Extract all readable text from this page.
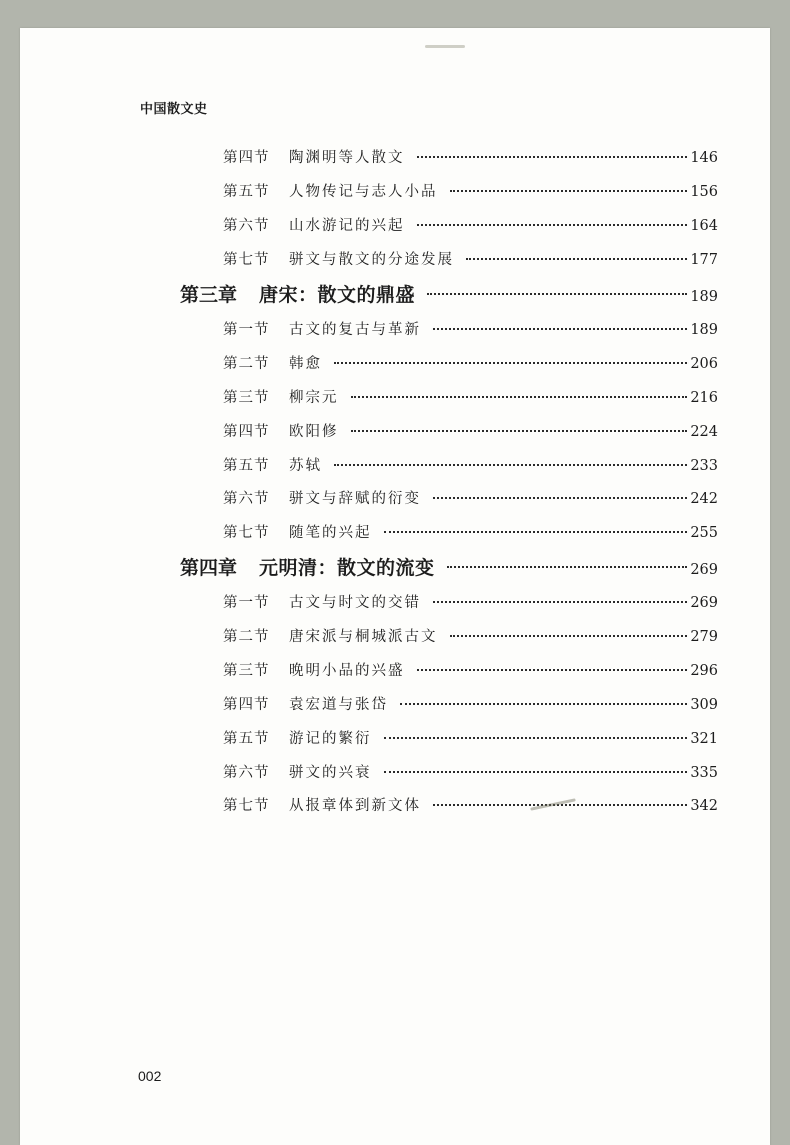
中国散文史
第四节	陶渊明等人散文	146
第五节	人物传记与志人小品	156
第六节	山水游记的兴起	164
第七节	骈文与散文的分途发展	177
第三章 唐宋：散文的鼎盛	189
第一节	古文的复古与革新	189
第二节	韩愈	206
第三节	柳宗元	216
第四节	欧阳修	224
第五节	苏轼	233
第六节	骈文与辞赋的衍变	242
第七节	随笔的兴起	255
第四章 元明清：散文的流变	269
第一节	古文与时文的交错	269
第二节	唐宋派与桐城派古文	279
第三节	晚明小品的兴盛	296
第四节	袁宏道与张岱	309
第五节	游记的繁衍	321
第六节	骈文的兴衰	335
第七节	从报章体到新文体	342
002
